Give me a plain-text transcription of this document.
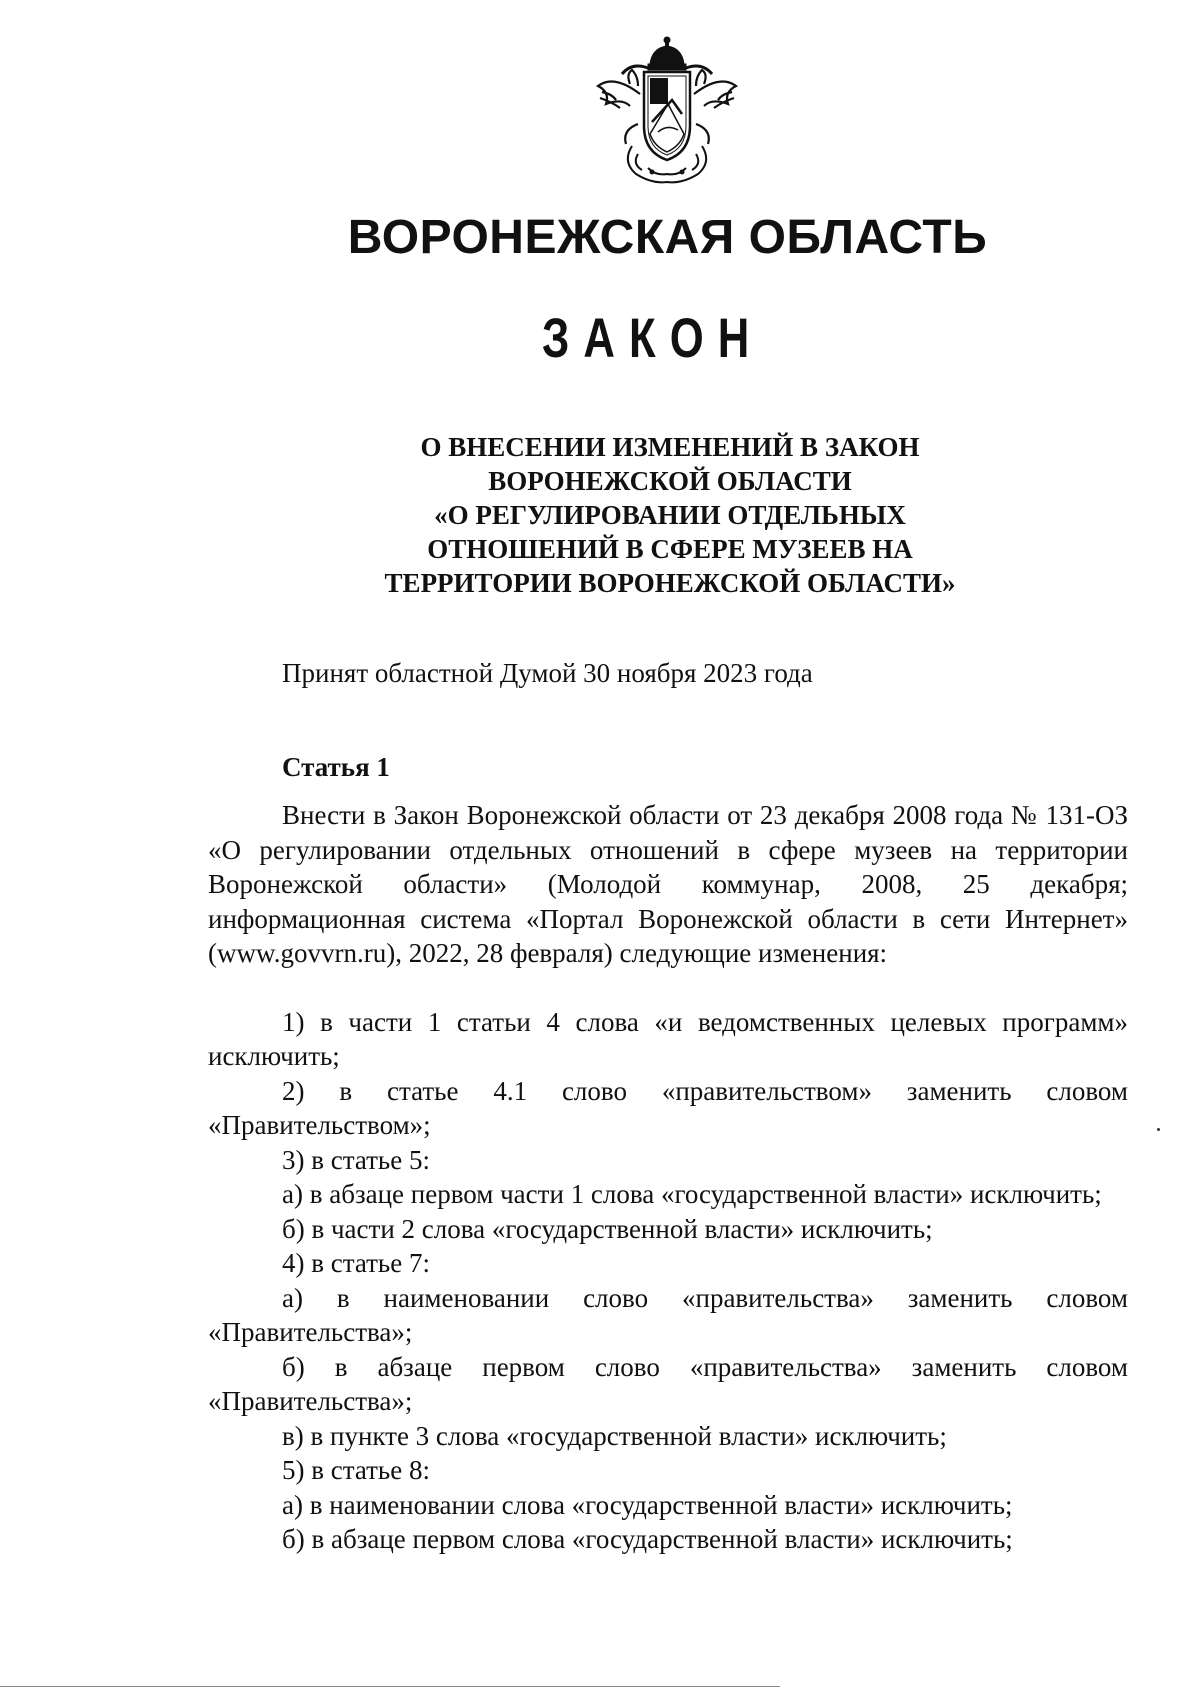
ВОРОНЕЖСКАЯ ОБЛАСТЬ
ЗАКОН
О ВНЕСЕНИИ ИЗМЕНЕНИЙ В ЗАКОН
ВОРОНЕЖСКОЙ ОБЛАСТИ
«О РЕГУЛИРОВАНИИ ОТДЕЛЬНЫХ
ОТНОШЕНИЙ В СФЕРЕ МУЗЕЕВ НА
ТЕРРИТОРИИ ВОРОНЕЖСКОЙ ОБЛАСТИ»
Принят областной Думой 30 ноября 2023 года
Статья 1

Внести в Закон Воронежской области от 23 декабря 2008 года № 131-ОЗ «О регулировании отдельных отношений в сфере музеев на территории Воронежской области» (Молодой коммунар, 2008, 25 декабря; информационная система «Портал Воронежской области в сети Интернет» (www.govvrn.ru), 2022, 28 февраля) следующие изменения:

1) в части 1 статьи 4 слова «и ведомственных целевых программ» исключить;

2) в статье 4.1 слово «правительством» заменить словом «Правительством»;

3) в статье 5:

а) в абзаце первом части 1 слова «государственной власти» исключить;

б) в части 2 слова «государственной власти» исключить;

4) в статье 7:

а) в наименовании слово «правительства» заменить словом «Правительства»;

б) в абзаце первом слово «правительства» заменить словом «Правительства»;

в) в пункте 3 слова «государственной власти» исключить;

5) в статье 8:

а) в наименовании слова «государственной власти» исключить;

б) в абзаце первом слова «государственной власти» исключить;
